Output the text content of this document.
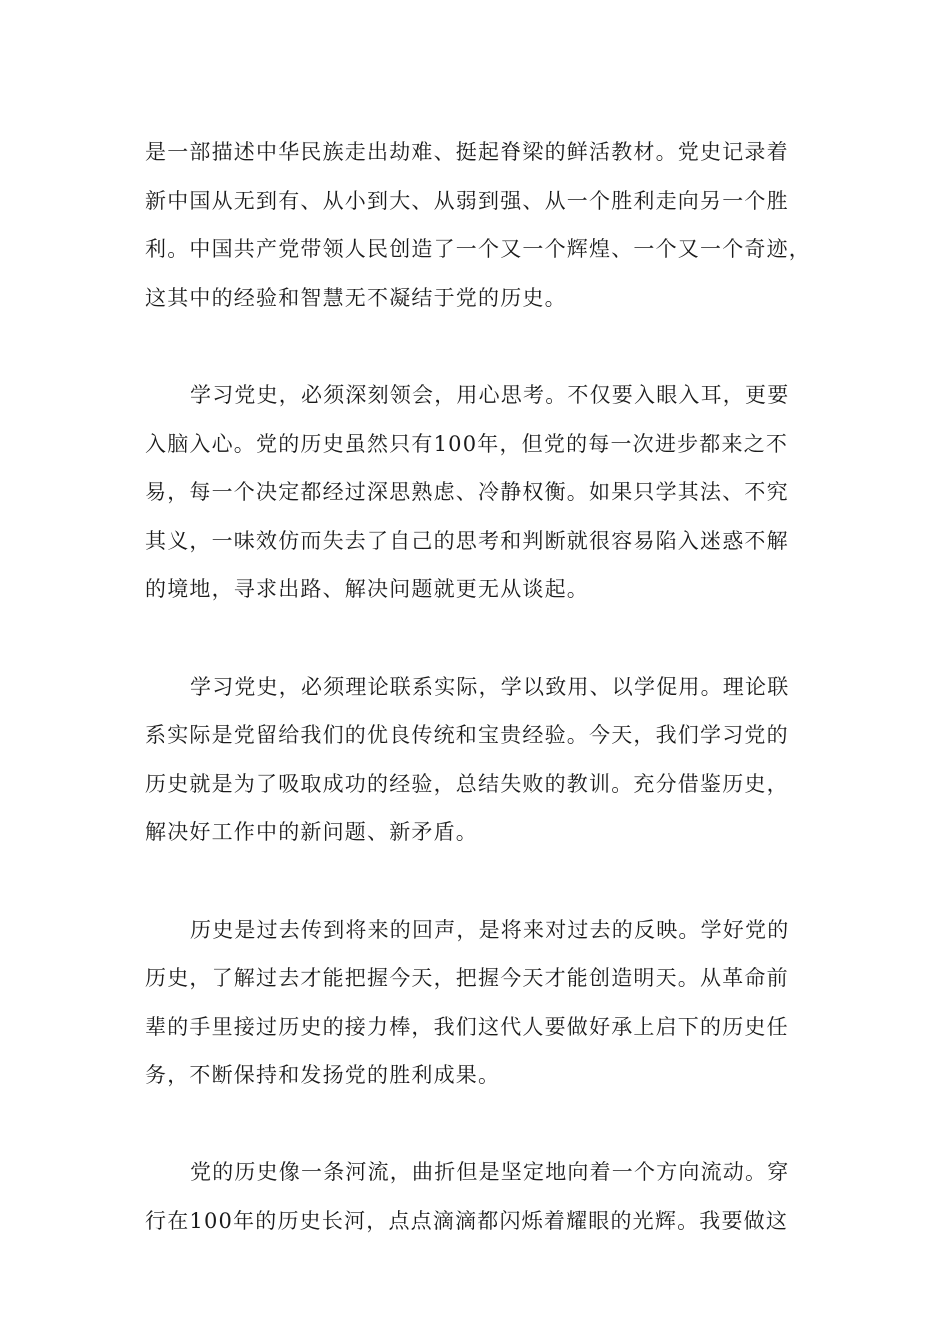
是一部描述中华民族走出劫难、挺起脊梁的鲜活教材。党史记录着
新中国从无到有、从小到大、从弱到强、从一个胜利走向另一个胜
利。中国共产党带领人民创造了一个又一个辉煌、一个又一个奇迹，
这其中的经验和智慧无不凝结于党的历史。

学习党史，必须深刻领会，用心思考。不仅要入眼入耳，更要
入脑入心。党的历史虽然只有100年，但党的每一次进步都来之不
易，每一个决定都经过深思熟虑、冷静权衡。如果只学其法、不究
其义，一味效仿而失去了自己的思考和判断就很容易陷入迷惑不解
的境地，寻求出路、解决问题就更无从谈起。

学习党史，必须理论联系实际，学以致用、以学促用。理论联
系实际是党留给我们的优良传统和宝贵经验。今天，我们学习党的
历史就是为了吸取成功的经验，总结失败的教训。充分借鉴历史，
解决好工作中的新问题、新矛盾。

历史是过去传到将来的回声，是将来对过去的反映。学好党的
历史，了解过去才能把握今天，把握今天才能创造明天。从革命前
辈的手里接过历史的接力棒，我们这代人要做好承上启下的历史任
务，不断保持和发扬党的胜利成果。

党的历史像一条河流，曲折但是坚定地向着一个方向流动。穿
行在100年的历史长河，点点滴滴都闪烁着耀眼的光辉。我要做这
